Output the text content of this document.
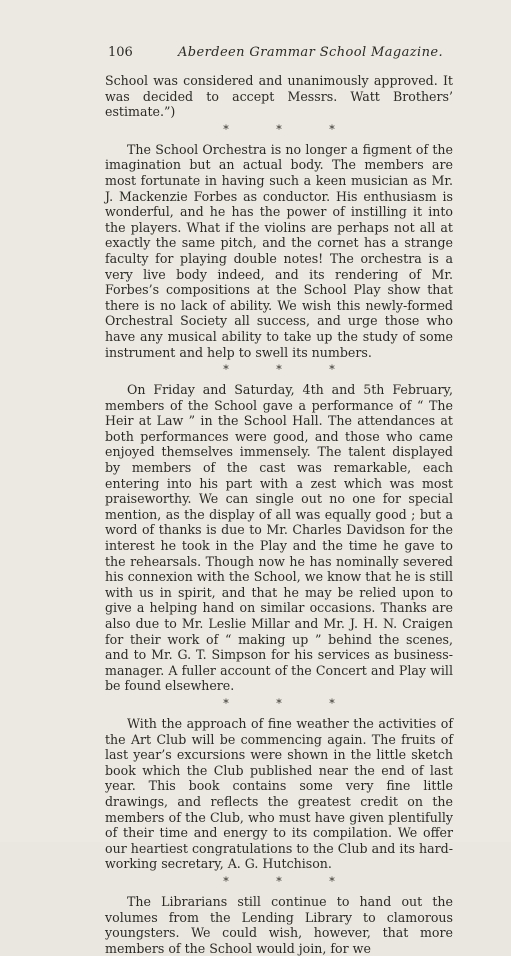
106	Aberdeen Grammar School Magazine.

School was considered and unanimously approved. It was decided to accept Messrs. Watt Brothers’ estimate.”)

* * *

The School Orchestra is no longer a figment of the imagination but an actual body. The members are most fortunate in having such a keen musician as Mr. J. Mackenzie Forbes as conductor. His enthusiasm is wonderful, and he has the power of instilling it into the players. What if the violins are perhaps not all at exactly the same pitch, and the cornet has a strange faculty for playing double notes! The orchestra is a very live body indeed, and its rendering of Mr. Forbes’s compositions at the School Play show that there is no lack of ability. We wish this newly-formed Orchestral Society all success, and urge those who have any musical ability to take up the study of some instrument and help to swell its numbers.

* * *

On Friday and Saturday, 4th and 5th February, members of the School gave a performance of “ The Heir at Law ” in the School Hall. The attendances at both performances were good, and those who came enjoyed themselves immensely. The talent displayed by members of the cast was remarkable, each entering into his part with a zest which was most praiseworthy. We can single out no one for special mention, as the display of all was equally good ; but a word of thanks is due to Mr. Charles Davidson for the interest he took in the Play and the time he gave to the rehearsals. Though now he has nominally severed his connexion with the School, we know that he is still with us in spirit, and that he may be relied upon to give a helping hand on similar occasions. Thanks are also due to Mr. Leslie Millar and Mr. J. H. N. Craigen for their work of “ making up ” behind the scenes, and to Mr. G. T. Simpson for his services as business-manager. A fuller account of the Concert and Play will be found elsewhere.

* * *

With the approach of fine weather the activities of the Art Club will be commencing again. The fruits of last year’s excursions were shown in the little sketch book which the Club published near the end of last year. This book contains some very fine little drawings, and reflects the greatest credit on the members of the Club, who must have given plentifully of their time and energy to its compilation. We offer our heartiest congratulations to the Club and its hard-working secretary, A. G. Hutchison.

* * *

The Librarians still continue to hand out the volumes from the Lending Library to clamorous youngsters. We could wish, however, that more members of the School would join, for we
